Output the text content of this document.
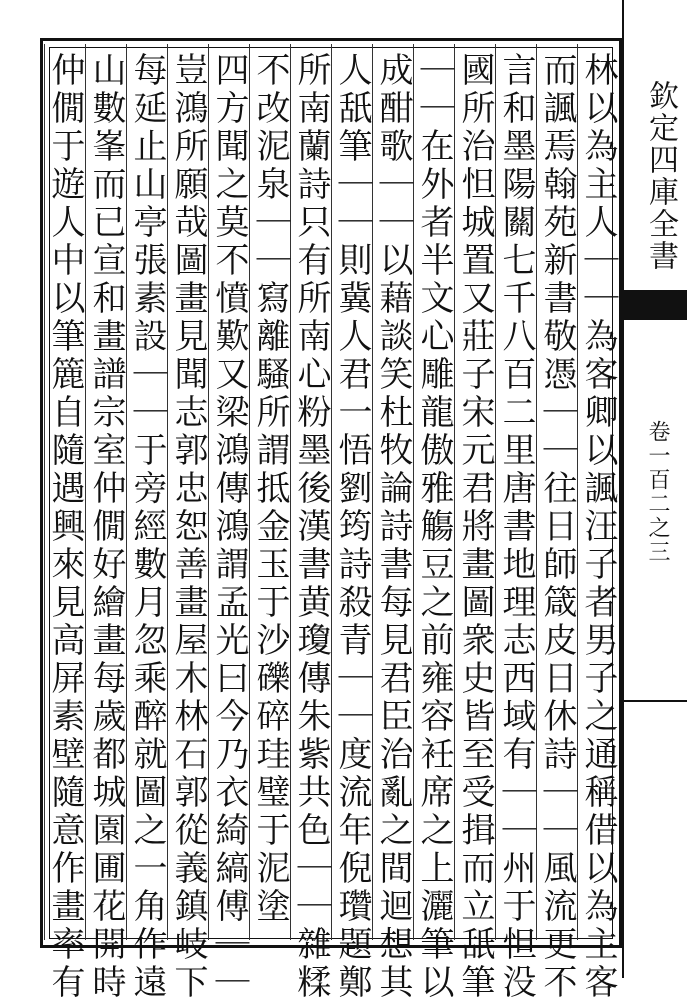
林以為主人｜｜為客卿以諷汪子者男子之通稱借以為主客
而諷焉翰苑新書敬憑｜｜往日師箴皮日休詩｜｜風流更不
言和墨陽關七千八百二里唐書地理志西域有｜｜州于怛没
國所治怛城置又莊子宋元君將畫圖衆史皆至受揖而立舐筆
｜｜在外者半文心雕龍傲雅觴豆之前雍容衽席之上灑筆以
成酣歌｜｜以藉談笑杜牧論詩書每見君臣治亂之間迴想其
人舐筆｜｜則冀人君一悟劉筠詩殺青｜｜度流年倪瓚題鄭
所南蘭詩只有所南心粉墨後漢書黄瓊傳朱紫共色｜｜雜糅
不改泥泉｜｜寫離騷所謂抵金玉于沙礫碎珪璧于泥塗
四方聞之莫不憤歎又梁鴻傳鴻謂孟光曰今乃衣綺縞傅｜｜
豈鴻所願哉圖畫見聞志郭忠恕善畫屋木林石郭從義鎮岐下
每延止山亭張素設｜｜于旁經數月忽乘醉就圖之一角作遠
山數峯而已宣和畫譜宗室仲僩好繪畫每歲都城園圃花開時
仲僩于遊人中以筆簏自隨遇興來見高屏素壁隨意作畫率有	欽定四庫全書
卷一百二之三
